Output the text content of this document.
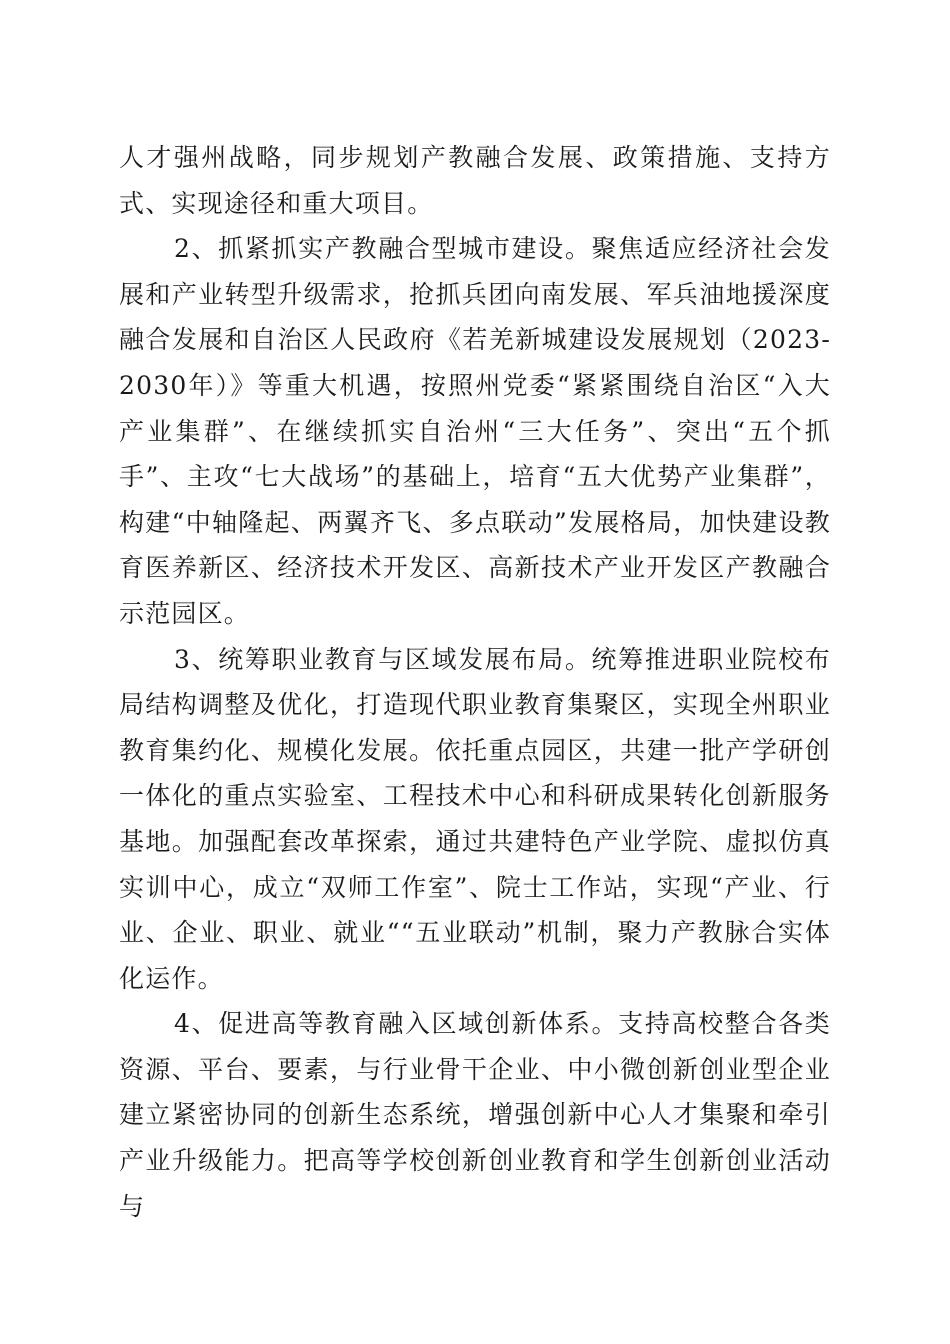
人才强州战略，同步规划产教融合发展、政策措施、支持方式、实现途径和重大项目。

2、抓紧抓实产教融合型城市建设。聚焦适应经济社会发展和产业转型升级需求，抢抓兵团向南发展、军兵油地援深度融合发展和自治区人民政府《若羌新城建设发展规划（2023-2030年）》等重大机遇，按照州党委“紧紧围绕自治区“入大产业集群”、在继续抓实自治州“三大任务”、突出“五个抓手”、主攻“七大战场”的基础上，培育“五大优势产业集群”，构建“中轴隆起、两翼齐飞、多点联动”发展格局，加快建设教育医养新区、经济技术开发区、高新技术产业开发区产教融合示范园区。

3、统筹职业教育与区域发展布局。统筹推进职业院校布局结构调整及优化，打造现代职业教育集聚区，实现全州职业教育集约化、规模化发展。依托重点园区，共建一批产学研创一体化的重点实验室、工程技术中心和科研成果转化创新服务基地。加强配套改革探索，通过共建特色产业学院、虚拟仿真实训中心，成立“双师工作室”、院士工作站，实现“产业、行业、企业、职业、就业““五业联动”机制，聚力产教脉合实体化运作。

4、促进高等教育融入区域创新体系。支持高校整合各类资源、平台、要素，与行业骨干企业、中小微创新创业型企业建立紧密协同的创新生态系统，增强创新中心人才集聚和牵引产业升级能力。把高等学校创新创业教育和学生创新创业活动与
